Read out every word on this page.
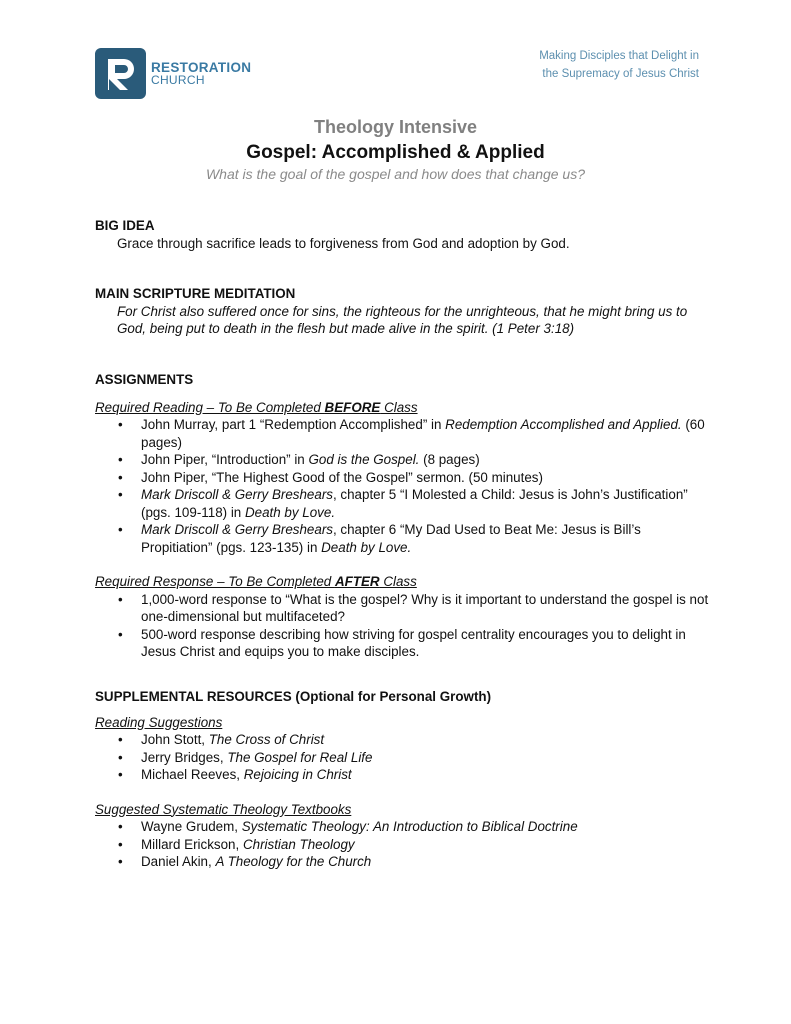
RESTORATION
CHURCH
Making Disciples that Delight in
the Supremacy of Jesus Christ
Theology Intensive
Gospel: Accomplished & Applied
What is the goal of the gospel and how does that change us?
BIG IDEA
Grace through sacrifice leads to forgiveness from God and adoption by God.
MAIN SCRIPTURE MEDITATION
For Christ also suffered once for sins, the righteous for the unrighteous, that he might bring us to God, being put to death in the flesh but made alive in the spirit. (1 Peter 3:18)
ASSIGNMENTS
Required Reading – To Be Completed BEFORE Class
• John Murray, part 1 “Redemption Accomplished” in Redemption Accomplished and Applied. (60 pages)
• John Piper, “Introduction” in God is the Gospel. (8 pages)
• John Piper, “The Highest Good of the Gospel” sermon. (50 minutes)
• Mark Driscoll & Gerry Breshears, chapter 5 “I Molested a Child: Jesus is John’s Justification” (pgs. 109-118) in Death by Love.
• Mark Driscoll & Gerry Breshears, chapter 6 “My Dad Used to Beat Me: Jesus is Bill’s Propitiation” (pgs. 123-135) in Death by Love.
Required Response – To Be Completed AFTER Class
• 1,000-word response to “What is the gospel? Why is it important to understand the gospel is not one-dimensional but multifaceted?
• 500-word response describing how striving for gospel centrality encourages you to delight in Jesus Christ and equips you to make disciples.
SUPPLEMENTAL RESOURCES (Optional for Personal Growth)
Reading Suggestions
• John Stott, The Cross of Christ
• Jerry Bridges, The Gospel for Real Life
• Michael Reeves, Rejoicing in Christ
Suggested Systematic Theology Textbooks
• Wayne Grudem, Systematic Theology: An Introduction to Biblical Doctrine
• Millard Erickson, Christian Theology
• Daniel Akin, A Theology for the Church
